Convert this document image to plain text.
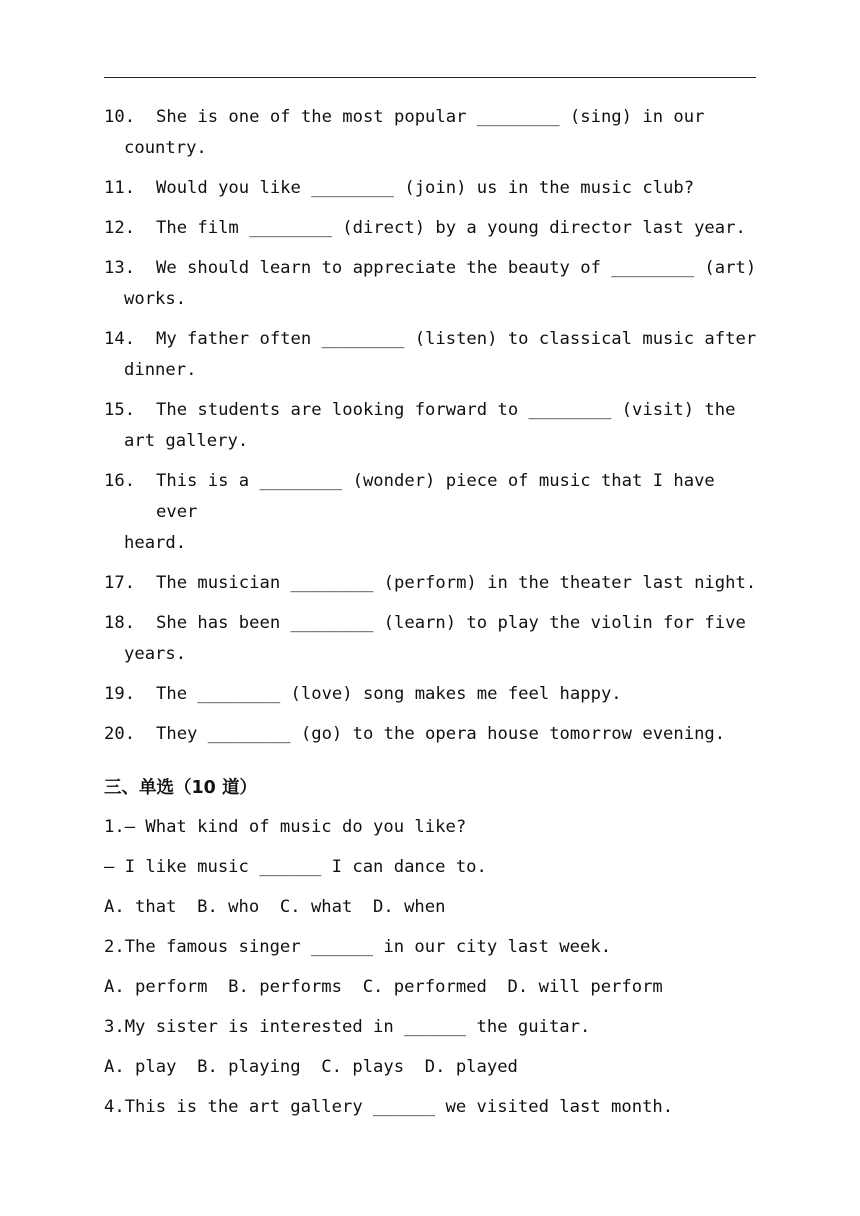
10.	She is one of the most popular ________ (sing) in our
country.
11.	Would you like ________ (join) us in the music club?
12.	The film ________ (direct) by a young director last year.
13.	We should learn to appreciate the beauty of ________ (art)
works.
14.	My father often ________ (listen) to classical music after
dinner.
15.	The students are looking forward to ________ (visit) the
art gallery.
16.	This is a ________ (wonder) piece of music that I have ever
heard.
17.	The musician ________ (perform) in the theater last night.
18.	She has been ________ (learn) to play the violin for five
years.
19.	The ________ (love) song makes me feel happy.
20.	They ________ (go) to the opera house tomorrow evening.
三、单选（10 道）
1.— What kind of music do you like?
— I like music ______ I can dance to.
A. that  B. who  C. what  D. when
2.The famous singer ______ in our city last week.
A. perform  B. performs  C. performed  D. will perform
3.My sister is interested in ______ the guitar.
A. play  B. playing  C. plays  D. played
4.This is the art gallery ______ we visited last month.
